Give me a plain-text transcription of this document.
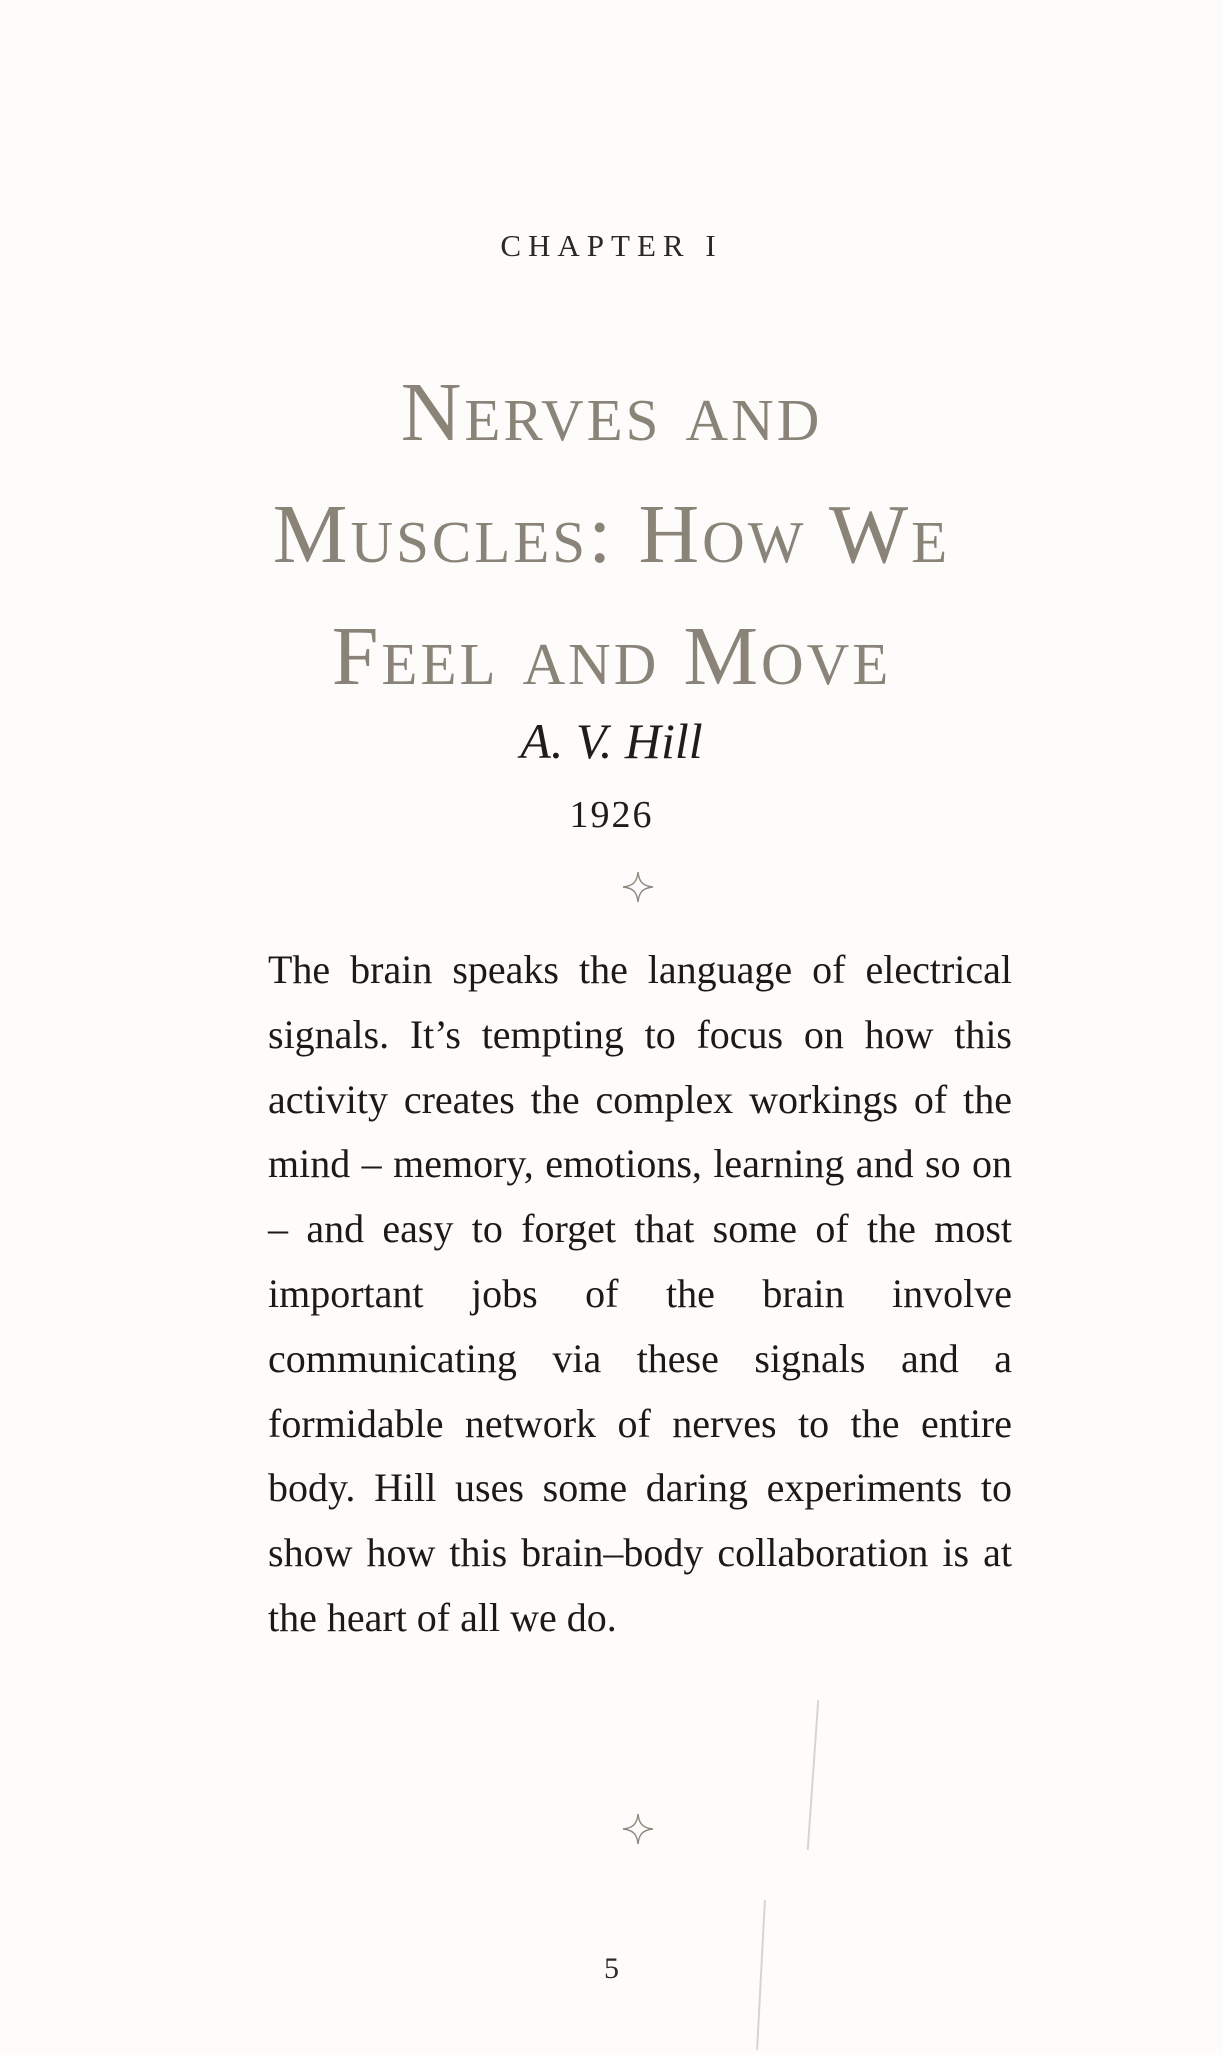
CHAPTER I
Nerves and
Muscles: How We
Feel and Move
A. V. Hill
1926

The brain speaks the language of electrical signals. It’s tempting to focus on how this activity creates the complex workings of the mind – memory, emotions, learning and so on – and easy to forget that some of the most important jobs of the brain involve communicating via these signals and a formidable network of nerves to the entire body. Hill uses some daring experiments to show how this brain–body collaboration is at the heart of all we do.

5
